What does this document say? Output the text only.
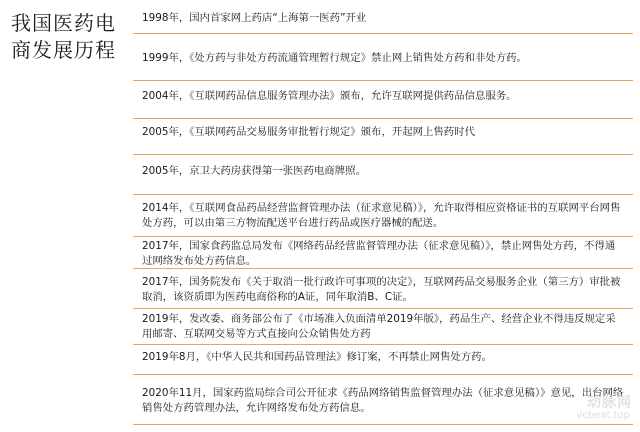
我国医药电商发展历程
1998年，国内首家网上药店“上海第一医药”开业
1999年，《处方药与非处方药流通管理暂行规定》禁止网上销售处方药和非处方药。
2004年，《互联网药品信息服务管理办法》颁布，允许互联网提供药品信息服务。
2005年，《互联网药品交易服务审批暂行规定》颁布，开起网上售药时代
2005年，京卫大药房获得第一张医药电商牌照。
2014年，《互联网食品药品经营监督管理办法（征求意见稿）》，允许取得相应资格证书的互联网平台网售处方药，可以由第三方物流配送平台进行药品或医疗器械的配送。
2017年，国家食药监总局发布《网络药品经营监督管理办法（征求意见稿）》，禁止网售处方药，不得通过网络发布处方药信息。
2017年，国务院发布《关于取消一批行政许可事项的决定》，互联网药品交易服务企业（第三方）审批被取消，该资质即为医药电商俗称的A证，同年取消B、C证。
2019年，发改委、商务部公布了《市场准入负面清单2019年版》，药品生产、经营企业不得违反规定采用邮寄、互联网交易等方式直接向公众销售处方药
2019年8月，《中华人民共和国药品管理法》修订案，不再禁止网售处方药。
2020年11月，国家药监局综合司公开征求《药品网络销售监督管理办法（征求意见稿）》意见，出台网络销售处方药管理办法，允许网络发布处方药信息。	动脉网
vcbeat.top
